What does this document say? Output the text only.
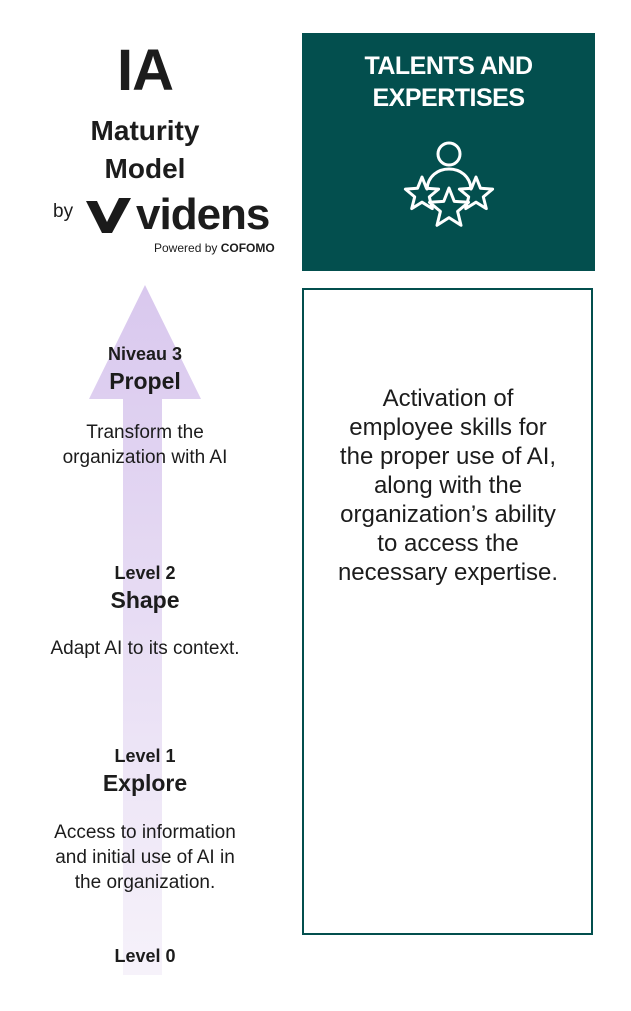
IA
Maturity
Model
by videns
Powered by COFOMO
Niveau 3
Propel
Transform the
organization with AI
Level 2
Shape
Adapt AI to its context.
Level 1
Explore
Access to information
and initial use of AI in
the organization.
Level 0
TALENTS AND
EXPERTISES
Activation of
employee skills for
the proper use of AI,
along with the
organization’s ability
to access the
necessary expertise.
